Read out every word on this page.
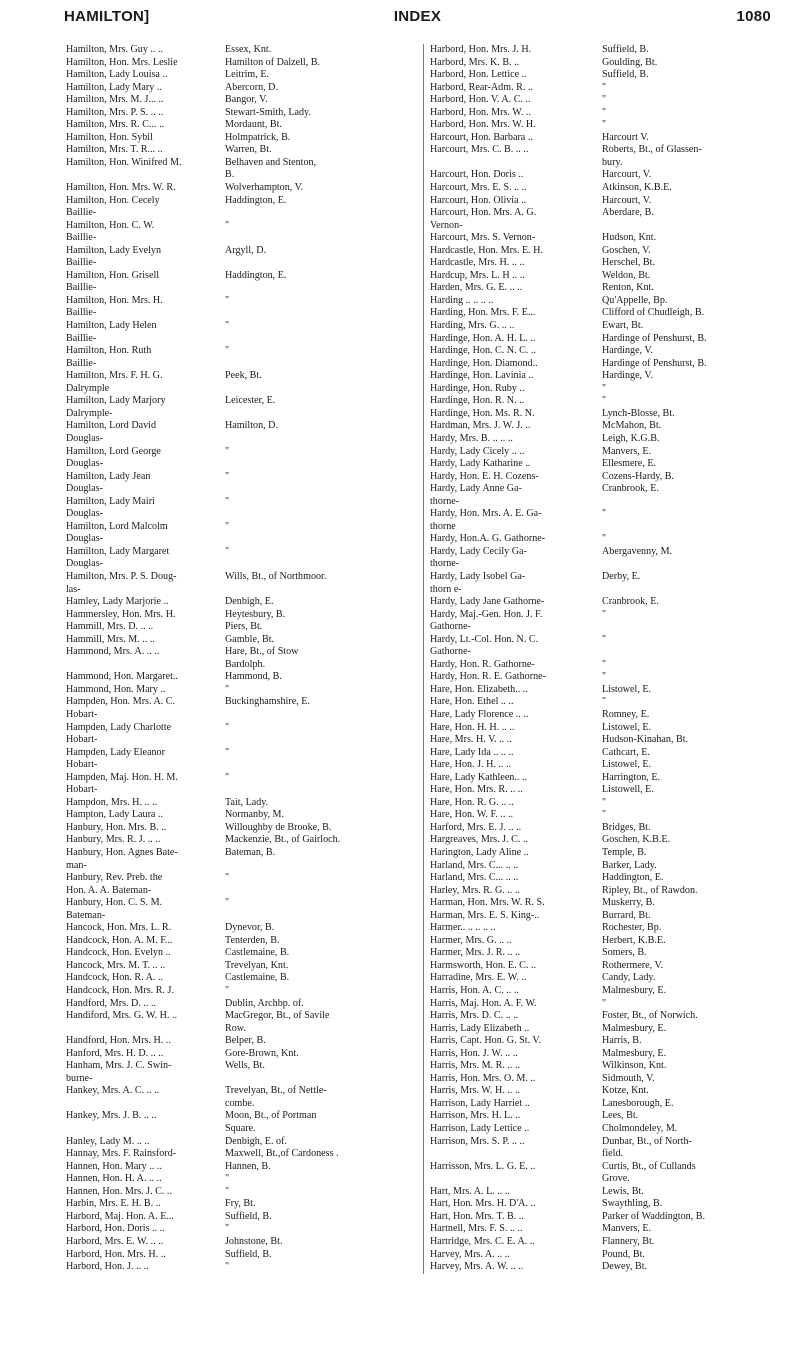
HAMILTON]	INDEX	1080
Hamilton, Mrs. Guy .. ..	Essex, Knt.
Hamilton, Hon. Mrs. Leslie	Hamilton of Dalzell, B.
Hamilton, Lady Louisa ..	Leitrim, E.
Hamilton, Lady Mary ..	Abercorn, D.
Hamilton, Mrs. M. J... ..	Bangor, V.
Hamilton, Mrs. P. S. .. ..	Stewart-Smith, Lady.
Hamilton, Mrs. R. C... ..	Mordaunt, Bt.
Hamilton, Hon. Sybil	Holmpatrick, B.
Hamilton, Mrs. T. R... ..	Warren, Bt.
Hamilton, Hon. Winifred M.	Belhaven and Stenton,
B.
Hamilton, Hon. Mrs. W. R.	Wolverhampton, V.
Hamilton, Hon. Cecely	Haddington, E.
Baillie-
Hamilton, Hon. C. W.	"
Baillie-
Hamilton, Lady Evelyn	Argyll, D.
Baillie-
Hamilton, Hon. Grisell	Haddington, E.
Baillie-
Hamilton, Hon. Mrs. H.	"
Baillie-
Hamilton, Lady Helen	"
Baillie-
Hamilton, Hon. Ruth	"
Baillie-
Hamilton, Mrs. F. H. G.	Peek, Bt.
Dalrymple
Hamilton, Lady Marjory	Leicester, E.
Dalrymple-
Hamilton, Lord David	Hamilton, D.
Douglas-
Hamilton, Lord George	"
Douglas-
Hamilton, Lady Jean	"
Douglas-
Hamilton, Lady Mairi	"
Douglas-
Hamilton, Lord Malcolm	"
Douglas-
Hamilton, Lady Margaret	"
Douglas-
Hamilton, Mrs. P. S. Doug-	Wills, Bt., of Northmoor.
las-
Hamley, Lady Marjorie ..	Denbigh, E.
Hammersley, Hon. Mrs. H.	Heytesbury, B.
Hammill, Mrs. D. .. ..	Piers, Bt.
Hammill, Mrs. M. .. ..	Gamble, Bt.
Hammond, Mrs. A. .. ..	Hare, Bt., of Stow
Bardolph.
Hammond, Hon. Margaret..	Hammond, B.
Hammond, Hon. Mary ..	"
Hampden, Hon. Mrs. A. C.	Buckinghamshire, E.
Hobart-
Hampden, Lady Charlotte	"
Hobart-
Hampden, Lady Eleanor	"
Hobart-
Hampden, Maj. Hon. H. M.	"
Hobart-
Hampdon, Mrs. H. .. ..	Tait, Lady.
Hampton, Lady Laura ..	Normanby, M.
Hanbury, Hon. Mrs. B. ..	Willoughby de Brooke, B.
Hanbury, Mrs. R. J. .. ..	Mackenzie, Bt., of Gairloch.
Hanbury, Hon. Agnes Bate-	Bateman, B.
man-
Hanbury, Rev. Preb. the	"
Hon. A. A. Bateman-
Hanbury, Hon. C. S. M.	"
Bateman-
Hancock, Hon. Mrs. L. R.	Dynevor, B.
Handcock, Hon. A. M. F...	Tenterden, B.
Handcock, Hon. Evelyn ..	Castlemaine, B.
Hancock, Mrs. M. T. .. ..	Trevelyan, Knt.
Handcock, Hon. R. A. ..	Castlemaine, B.
Handcock, Hon. Mrs. R. J.	"
Handford, Mrs. D. .. ..	Dublin, Archbp. of.
Handiford, Mrs. G. W. H. ..	MacGregor, Bt., of Savile
Row.
Handford, Hon. Mrs. H. ..	Belper, B.
Hanford, Mrs. H. D. .. ..	Gore-Brown, Knt.
Hanham, Mrs. J. C. Swin-	Wells, Bt.
burne-
Hankey, Mrs. A. C. .. ..	Trevelyan, Bt., of Nettle-
combe.
Hankey, Mrs. J. B. .. ..	Moon, Bt., of Portman
Square.
Hanley, Lady M. .. ..	Denbigh, E. of.
Hannay, Mrs. F. Rainsford-	Maxwell, Bt.,of Cardoness .
Hannen, Hon. Mary .. ..	Hannen, B.
Hannen, Hon. H. A. .. ..	"
Hannen, Hon. Mrs. J. C. ..	"
Harbin, Mrs. E. H. B. ..	Fry, Bt.
Harbord, Maj. Hon. A. E...	Suffield, B.
Harbord, Hon. Doris .. ..	"
Harbord, Mrs. E. W. .. ..	Johnstone, Bt.
Harbord, Hon. Mrs. H. ..	Suffield, B.
Harbord, Hon. J. .. ..	"
Harbord, Hon. Mrs. J. H.	Suffield, B.
Harbord, Mrs. K. B. ..	Goulding, Bt.
Harbord, Hon. Lettice ..	Suffield, B.
Harbord, Rear-Adm. R. ..	"
Harbord, Hon. V. A. C. ..	"
Harbord, Hon. Mrs. W. ..	"
Harbord, Hon. Mrs. W. H.	"
Harcourt, Hon. Barbara ..	Harcourt V.
Harcourt, Mrs. C. B. .. ..	Roberts, Bt., of Glassen-
bury.
Harcourt, Hon. Doris ..	Harcourt, V.
Harcourt, Mrs. E. S. .. ..	Atkinson, K.B.E.
Harcourt, Hon. Olivia ..	Harcourt, V.
Harcourt, Hon. Mrs. A. G.	Aberdare, B.
Vernon-
Harcourt, Mrs. S. Vernon-	Hudson, Knt.
Hardcastle, Hon. Mrs. E. H.	Goschen, V.
Hardcastle, Mrs. H. .. ..	Herschel, Bt.
Hardcup, Mrs. L. H .. ..	Weldon, Bt.
Harden, Mrs. G. E. .. ..	Renton, Knt.
Harding .. .. .. ..	Qu'Appelle, Bp.
Harding, Hon. Mrs. F. E...	Clifford of Chudleigh, B.
Harding, Mrs. G. .. ..	Ewart, Bt.
Hardinge, Hon. A. H. L. ..	Hardinge of Penshurst, B.
Hardinge, Hon. C. N. C. ..	Hardinge, V.
Hardinge, Hon. Diamond..	Hardinge of Penshurst, B.
Hardinge, Hon. Lavinia ..	Hardinge, V.
Hardinge, Hon. Ruby ..	"
Hardinge, Hon. R. N. ..	"
Hardinge, Hon. Ms. R. N.	Lynch-Blosse, Bt.
Hardman, Mrs. J. W. J. ..	McMahon, Bt.
Hardy, Mrs. B. .. .. ..	Leigh, K.G.B.
Hardy, Lady Cicely .. ..	Manvers, E.
Hardy, Lady Katharine ..	Ellesmere, E.
Hardy, Hon. E. H. Cozens-	Cozens-Hardy, B.
Hardy, Lady Anne Ga-	Cranbrook, E.
thorne-
Hardy, Hon. Mrs. A. E. Ga-	"
thorne
Hardy, Hon.A. G. Gathorne-	"
Hardy, Lady Cecily Ga-	Abergavenny, M.
thorne-
Hardy, Lady Isobel Ga-	Derby, E.
thorn e-
Hardy, Lady Jane Gathorne-	Cranbrook, E.
Hardy, Maj.-Gen. Hon. J. F.	"
Gathorne-
Hardy, Lt.-Col. Hon. N. C.	"
Gathorne-
Hardy, Hon. R. Gathorne-	"
Hardy, Hon. R. E. Gathorne-	"
Hare, Hon. Elizabeth.. ..	Listowel, E.
Hare, Hon. Ethel .. ..	"
Hare, Lady Florence .. ..	Romney, E.
Hare, Hon. H. H. .. ..	Listowel, E.
Hare, Mrs. H. V. .. ..	Hudson-Kinahan, Bt.
Hare, Lady Ida .. .. ..	Cathcart, E.
Hare, Hon. J. H. .. ..	Listowel, E.
Hare, Lady Kathleen.. ..	Harrington, E.
Hare, Hon. Mrs. R. .. ..	Listowell, E.
Hare, Hon. R. G. .. ..	"
Hare, Hon. W. F. .. ..	"
Harford, Mrs. E. J. .. ..	Bridges, Bt.
Hargreaves, Mrs. J. C. ..	Goschen, K.B.E.
Harington, Lady Aline ..	Temple, B.
Harland, Mrs. C... .. ..	Barker, Lady.
Harland, Mrs. C... .. ..	Haddington, E.
Harley, Mrs. R. G. .. ..	Ripley, Bt., of Rawdon.
Harman, Hon. Mrs. W. R. S.	Muskerry, B.
Harman, Mrs. E. S. King-..	Burrard, Bt.
Harmer.. .. .. .. ..	Rochester, Bp.
Harmer, Mrs. G. .. ..	Herbert, K.B.E.
Harmer, Mrs. J. R. .. ..	Somers, B.
Harmsworth, Hon. E. C. ..	Rothermere, V.
Harradine, Mrs. E. W. ..	Candy, Lady.
Harris, Hon. A. C. .. ..	Malmesbury, E.
Harris, Maj. Hon. A. F. W.	"
Harris, Mrs. D. C. .. ..	Foster, Bt., of Norwich.
Harris, Lady Elizabeth ..	Malmesbury, E.
Harris, Capt. Hon. G. St. V.	Harris, B.
Harris, Hon. J. W. .. ..	Malmesbury, E.
Harris, Mrs. M. R. .. ..	Wilkinson, Knt.
Harris, Hon. Mrs. O. M. ..	Sidmouth, V.
Harris, Mrs. W. H. .. ..	Kotze, Knt.
Harrison, Lady Harriet ..	Lanesborough, E.
Harrison, Mrs. H. L. ..	Lees, Bt.
Harrison, Lady Lettice ..	Cholmondeley, M.
Harrison, Mrs. S. P. .. ..	Dunbar, Bt., of North-
field.
Harrisson, Mrs. L. G. E. ..	Curtis, Bt., of Cullands
Grove.
Hart, Mrs. A. L. .. ..	Lewis, Bt.
Hart, Hon. Mrs. H. D'A. ..	Swaythling, B.
Hart, Hon. Mrs. T. B. ..	Parker of Waddington, B.
Hartnell, Mrs. F. S. .. ..	Manvers, E.
Hartridge, Mrs. C. E. A. ..	Flannery, Bt.
Harvey, Mrs. A. .. ..	Pound, Bt.
Harvey, Mrs. A. W. .. ..	Dewey, Bt.
